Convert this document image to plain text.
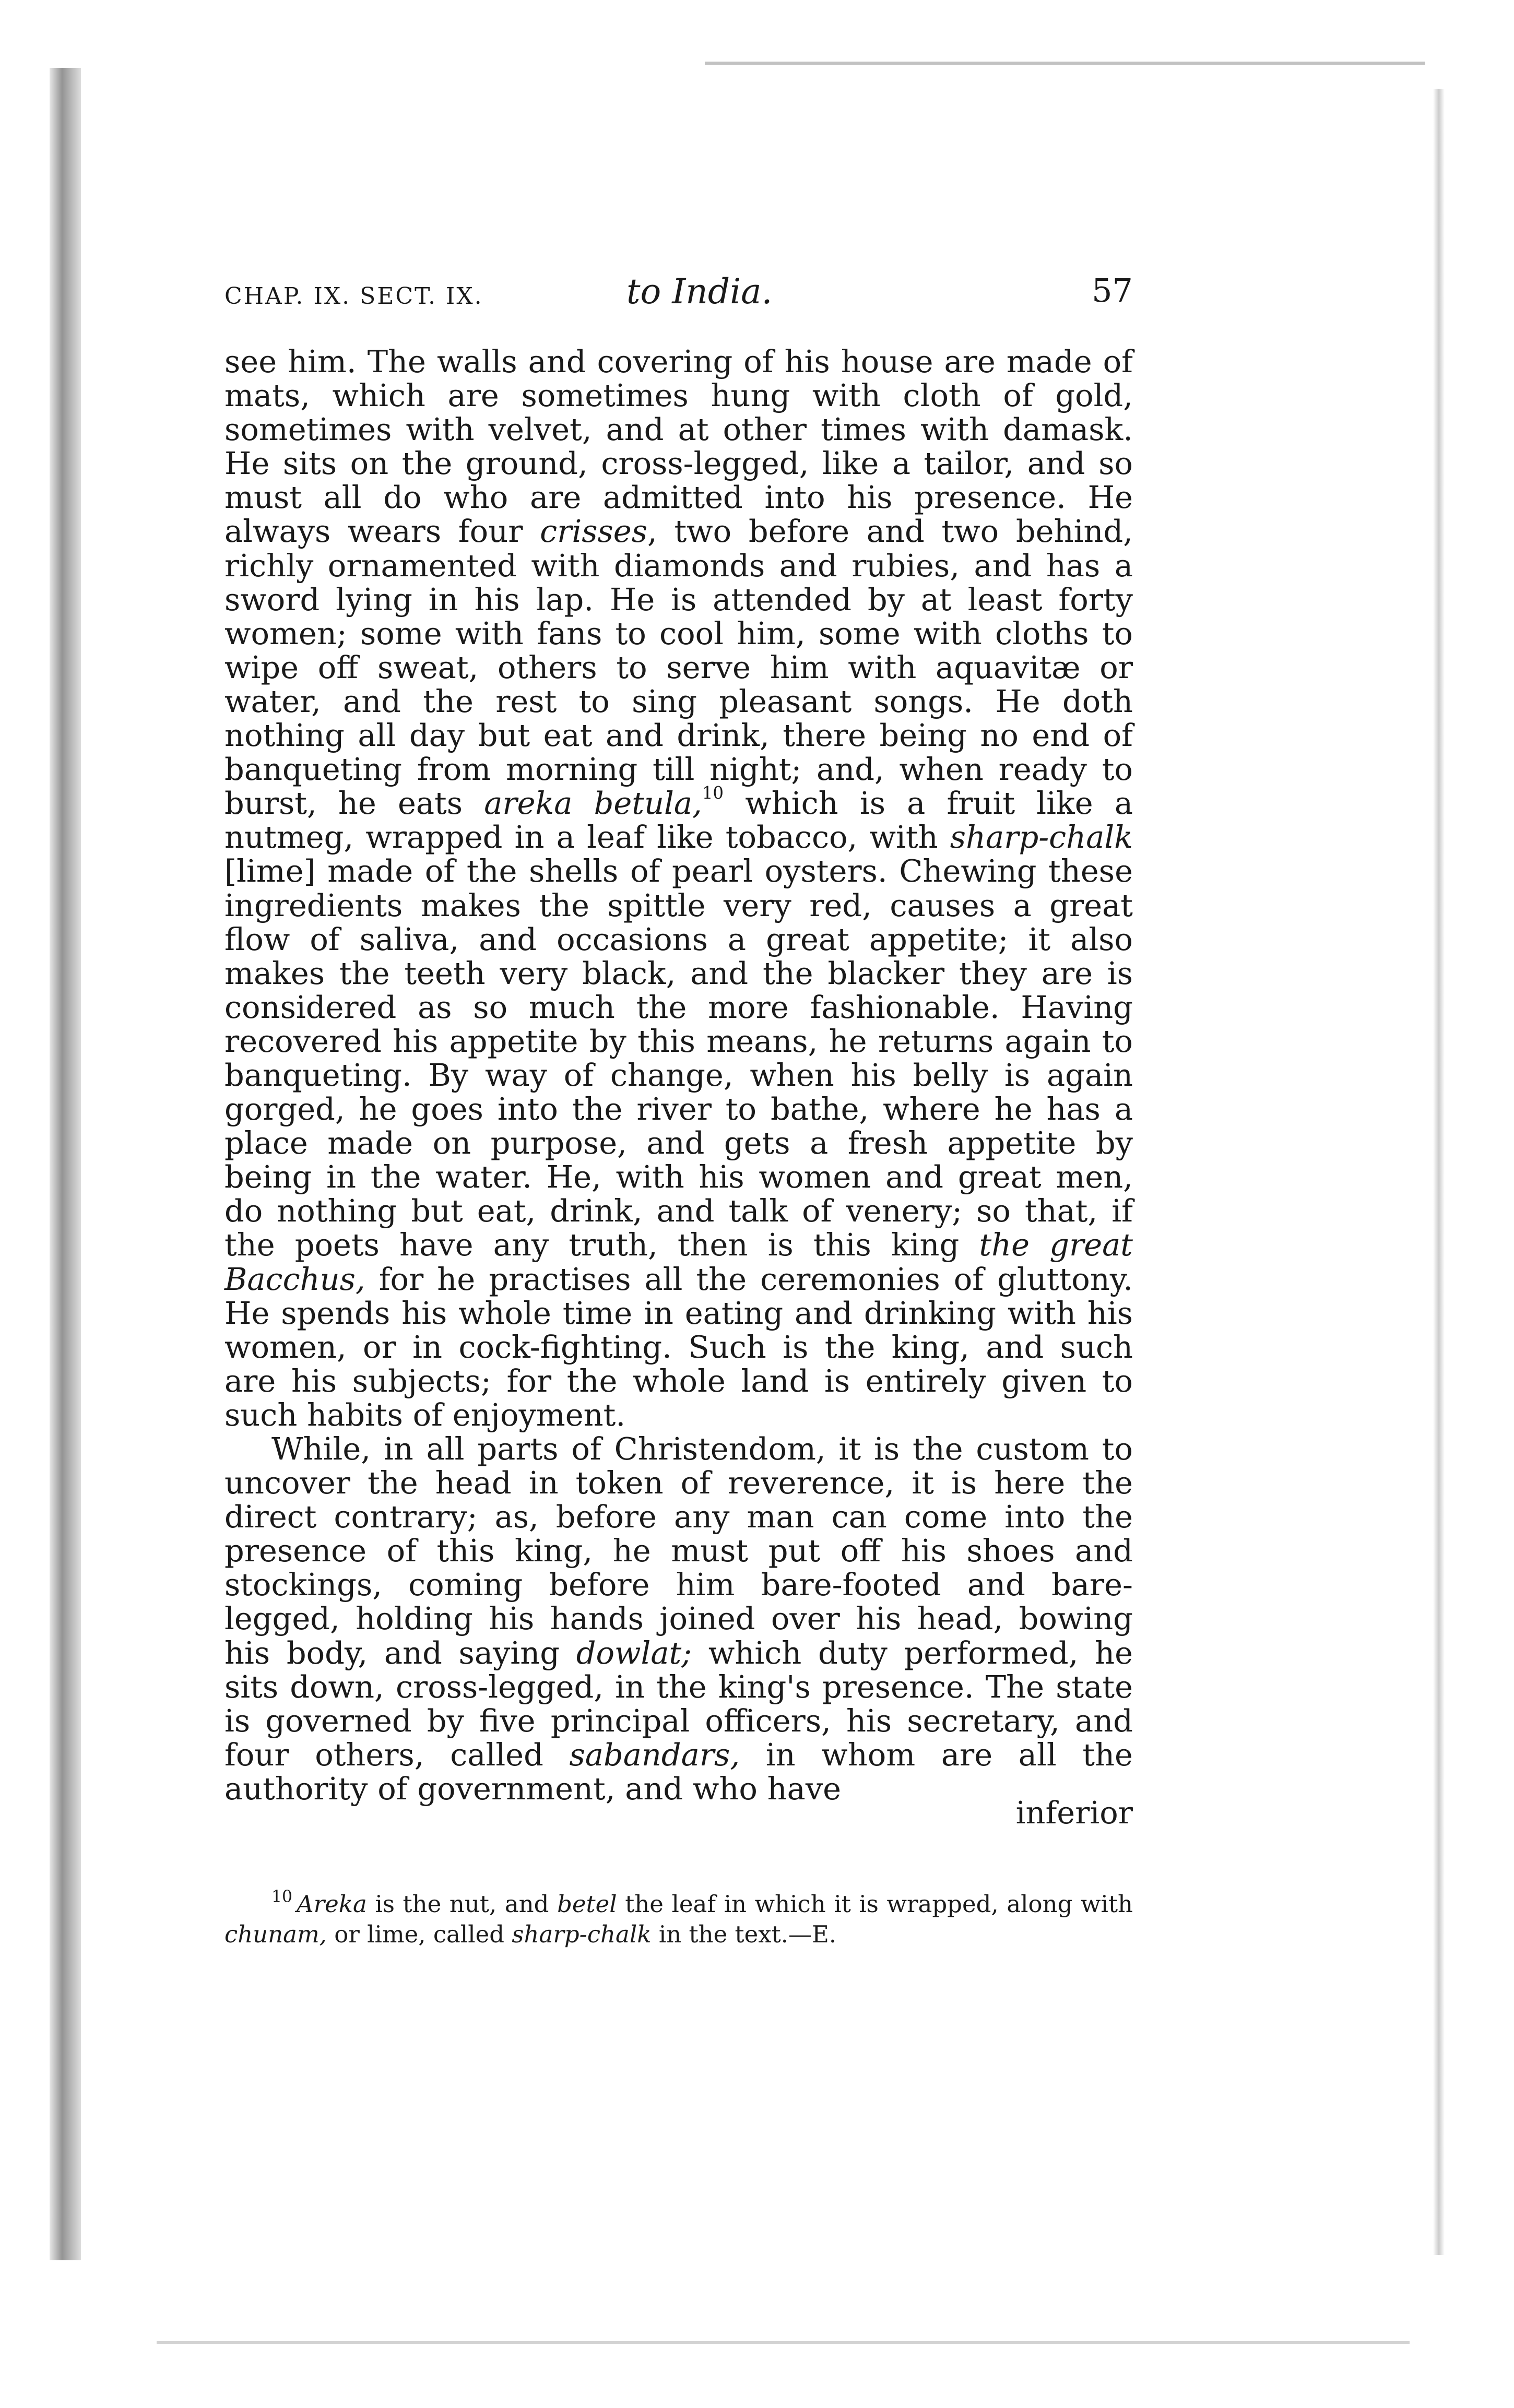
CHAP. IX. SECT. IX.	to India.	57

see him. The walls and covering of his house are made of mats, which are sometimes hung with cloth of gold, sometimes with velvet, and at other times with damask. He sits on the ground, cross-legged, like a tailor, and so must all do who are admitted into his presence. He always wears four crisses, two before and two behind, richly ornamented with diamonds and rubies, and has a sword lying in his lap. He is attended by at least forty women; some with fans to cool him, some with cloths to wipe off sweat, others to serve him with aquavitæ or water, and the rest to sing pleasant songs. He doth nothing all day but eat and drink, there being no end of banqueting from morning till night; and, when ready to burst, he eats areka betula,$^{10}$ which is a fruit like a nutmeg, wrapped in a leaf like tobacco, with sharp-chalk [lime] made of the shells of pearl oysters. Chewing these ingredients makes the spittle very red, causes a great flow of saliva, and occasions a great appetite; it also makes the teeth very black, and the blacker they are is considered as so much the more fashionable. Having recovered his appetite by this means, he returns again to banqueting. By way of change, when his belly is again gorged, he goes into the river to bathe, where he has a place made on purpose, and gets a fresh appetite by being in the water. He, with his women and great men, do nothing but eat, drink, and talk of venery; so that, if the poets have any truth, then is this king the great Bacchus, for he practises all the ceremonies of gluttony. He spends his whole time in eating and drinking with his women, or in cock-fighting. Such is the king, and such are his subjects; for the whole land is entirely given to such habits of enjoyment.

While, in all parts of Christendom, it is the custom to uncover the head in token of reverence, it is here the direct contrary; as, before any man can come into the presence of this king, he must put off his shoes and stockings, coming before him bare-footed and bare-legged, holding his hands joined over his head, bowing his body, and saying dowlat; which duty performed, he sits down, cross-legged, in the king's presence. The state is governed by five principal officers, his secretary, and four others, called sabandars, in whom are all the authority of government, and who have

inferior
$^{10}$ Areka is the nut, and betel the leaf in which it is wrapped, along with chunam, or lime, called sharp-chalk in the text.—E.
